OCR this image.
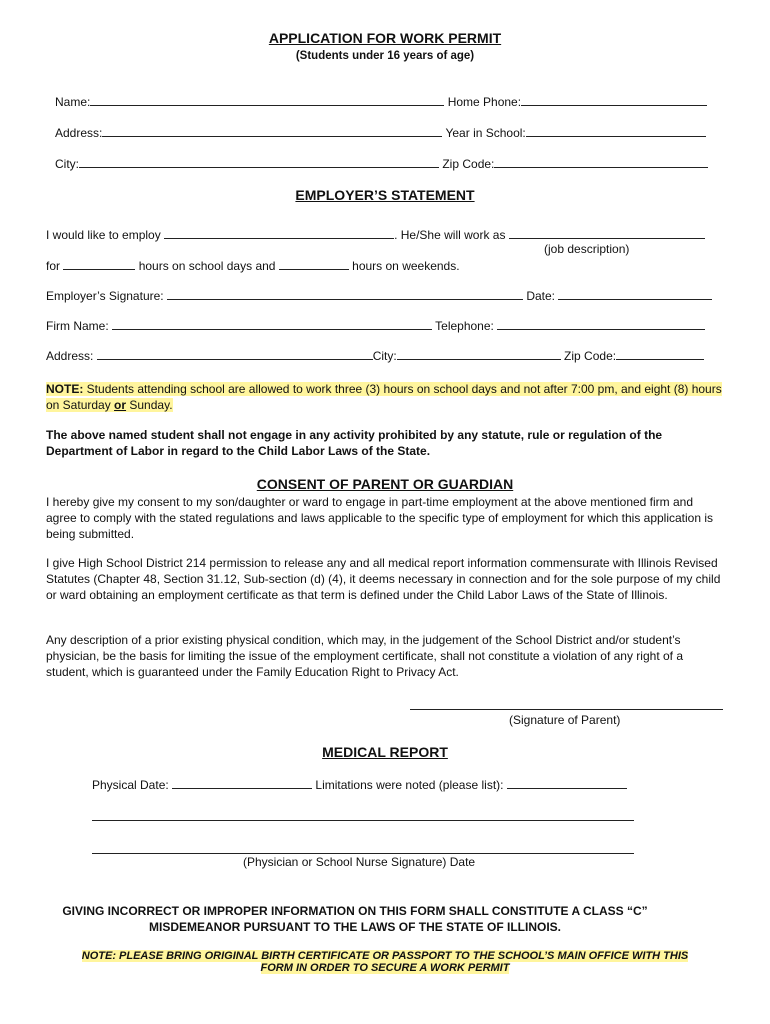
APPLICATION FOR WORK PERMIT
(Students under 16 years of age)
Name:	Home Phone:
Address:	Year in School:
City:	Zip Code:
EMPLOYER’S STATEMENT
I would like to employ	. He/She will work as
(job description)
for	hours on school days and	hours on weekends.
Employer’s Signature:	Date:
Firm Name:	Telephone:
Address:	City:	Zip Code:
NOTE: Students attending school are allowed to work three (3) hours on school days and not after 7:00 pm, and eight (8) hours on Saturday or Sunday.
The above named student shall not engage in any activity prohibited by any statute, rule or regulation of the Department of Labor in regard to the Child Labor Laws of the State.
CONSENT OF PARENT OR GUARDIAN
I hereby give my consent to my son/daughter or ward to engage in part-time employment at the above mentioned firm and agree to comply with the stated regulations and laws applicable to the specific type of employment for which this application is being submitted.
I give High School District 214 permission to release any and all medical report information commensurate with Illinois Revised Statutes (Chapter 48, Section 31.12, Sub-section (d) (4), it deems necessary in connection and for the sole purpose of my child or ward obtaining an employment certificate as that term is defined under the Child Labor Laws of the State of Illinois.
Any description of a prior existing physical condition, which may, in the judgement of the School District and/or student’s physician, be the basis for limiting the issue of the employment certificate, shall not constitute a violation of any right of a student, which is guaranteed under the Family Education Right to Privacy Act.
(Signature of Parent)
MEDICAL REPORT
Physical Date:	Limitations were noted (please list):
(Physician or School Nurse Signature) Date
GIVING INCORRECT OR IMPROPER INFORMATION ON THIS FORM SHALL CONSTITUTE A CLASS “C”
MISDEMEANOR PURSUANT TO THE LAWS OF THE STATE OF ILLINOIS.
NOTE: PLEASE BRING ORIGINAL BIRTH CERTIFICATE OR PASSPORT TO THE SCHOOL’S MAIN OFFICE WITH THIS
FORM IN ORDER TO SECURE A WORK PERMIT
